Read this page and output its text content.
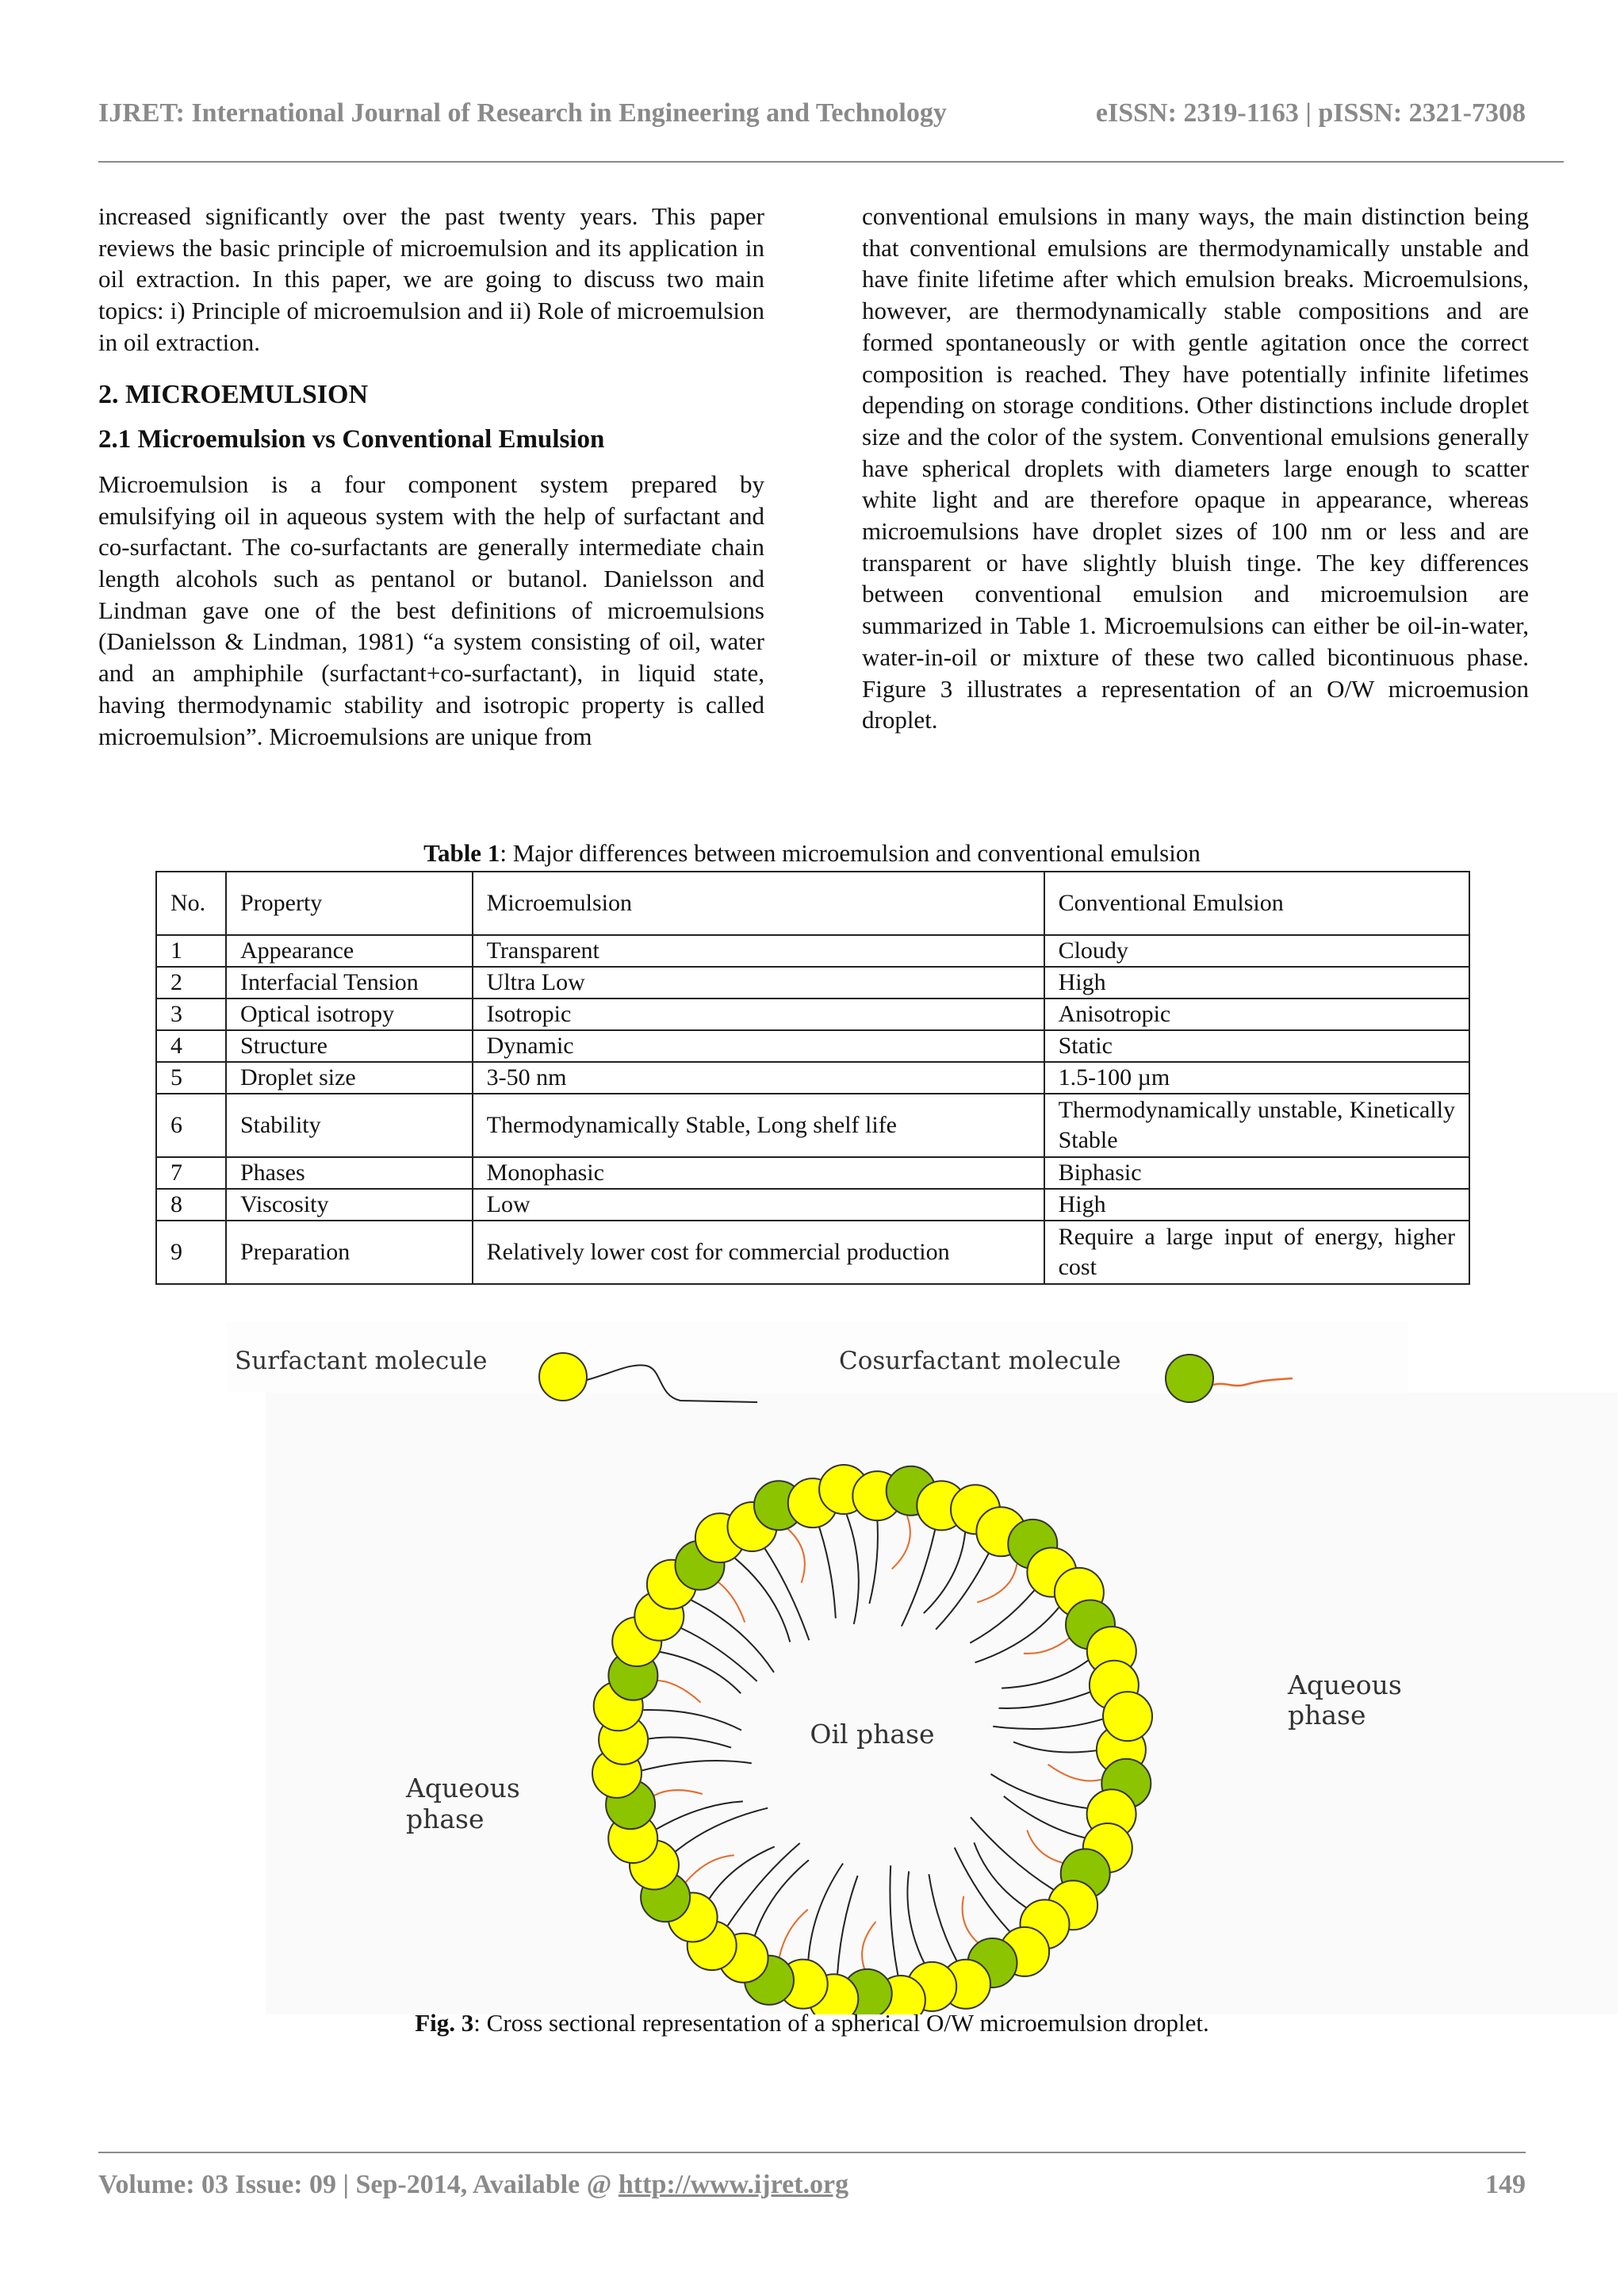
IJRET: International Journal of Research in Engineering and Technology	eISSN: 2319-1163 | pISSN: 2321-7308

increased significantly over the past twenty years. This paper reviews the basic principle of microemulsion and its application in oil extraction. In this paper, we are going to discuss two main topics: i) Principle of microemulsion and ii) Role of microemulsion in oil extraction.

2. MICROEMULSION

2.1 Microemulsion vs Conventional Emulsion

Microemulsion is a four component system prepared by emulsifying oil in aqueous system with the help of surfactant and co-surfactant. The co-surfactants are generally intermediate chain length alcohols such as pentanol or butanol. Danielsson and Lindman gave one of the best definitions of microemulsions (Danielsson & Lindman, 1981) “a system consisting of oil, water and an amphiphile (surfactant+co-surfactant), in liquid state, having thermodynamic stability and isotropic property is called microemulsion”. Microemulsions are unique from

conventional emulsions in many ways, the main distinction being that conventional emulsions are thermodynamically unstable and have finite lifetime after which emulsion breaks. Microemulsions, however, are thermodynamically stable compositions and are formed spontaneously or with gentle agitation once the correct composition is reached. They have potentially infinite lifetimes depending on storage conditions. Other distinctions include droplet size and the color of the system. Conventional emulsions generally have spherical droplets with diameters large enough to scatter white light and are therefore opaque in appearance, whereas microemulsions have droplet sizes of 100 nm or less and are transparent or have slightly bluish tinge. The key differences between conventional emulsion and microemulsion are summarized in Table 1. Microemulsions can either be oil-in-water, water-in-oil or mixture of these two called bicontinuous phase. Figure 3 illustrates a representation of an O/W microemusion droplet.

Table 1: Major differences between microemulsion and conventional emulsion
No.	Property	Microemulsion	Conventional Emulsion
1	Appearance	Transparent	Cloudy
2	Interfacial Tension	Ultra Low	High
3	Optical isotropy	Isotropic	Anisotropic
4	Structure	Dynamic	Static
5	Droplet size	3-50 nm	1.5-100 µm
6	Stability	Thermodynamically Stable, Long shelf life	Thermodynamically unstable, Kinetically Stable
7	Phases	Monophasic	Biphasic
8	Viscosity	Low	High
9	Preparation	Relatively lower cost for commercial production	Require a large input of energy, higher cost
Surfactant molecule	Cosurfactant molecule
Oil phase
Aqueous
phase
Aqueous
phase
Fig. 3: Cross sectional representation of a spherical O/W microemulsion droplet.
Volume: 03 Issue: 09 | Sep-2014, Available @ http://www.ijret.org	149
